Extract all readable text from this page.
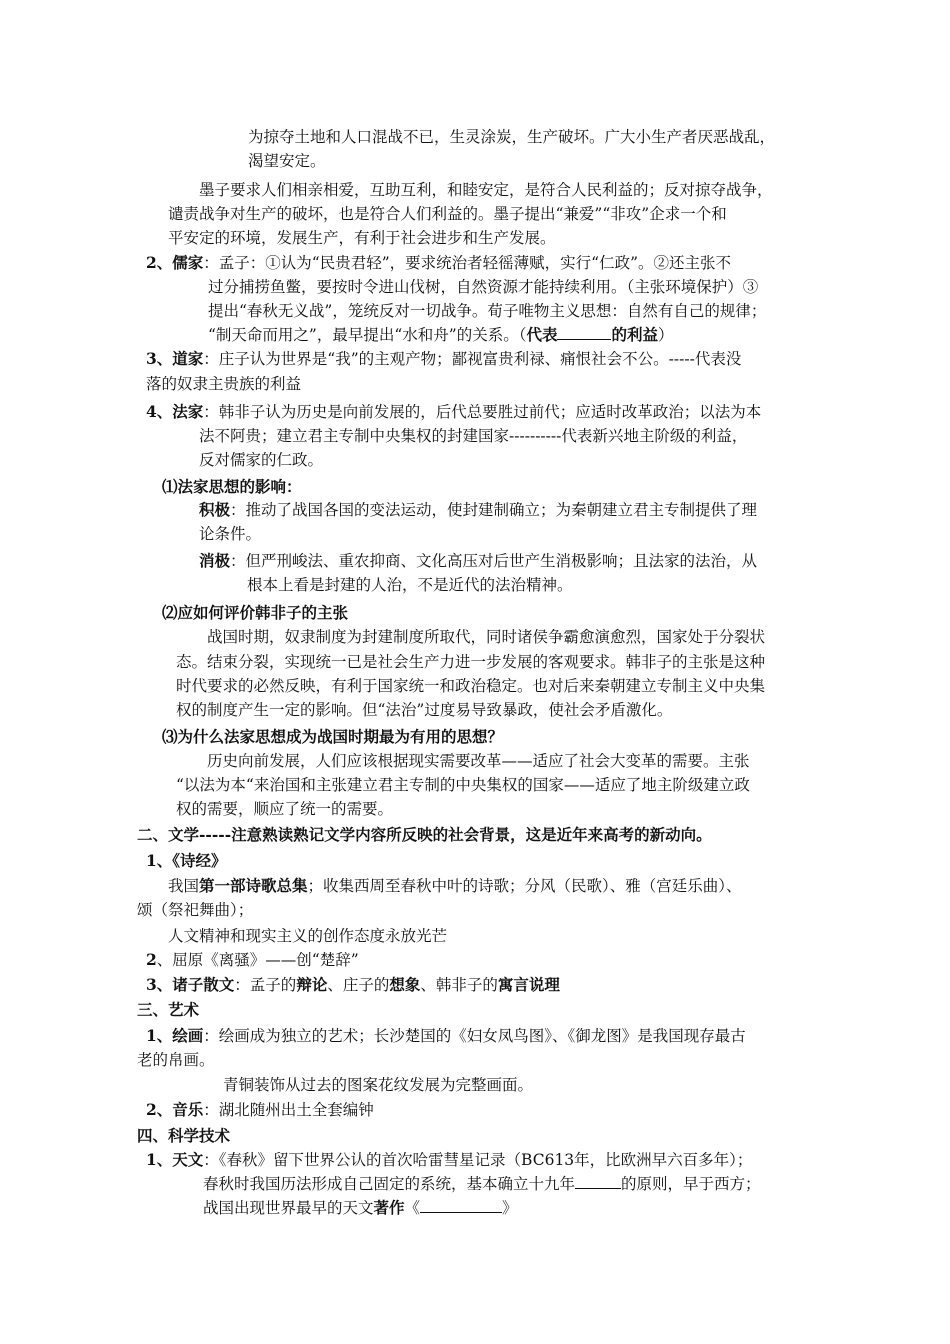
为掠夺土地和人口混战不已，生灵涂炭，生产破坏。广大小生产者厌恶战乱，
渴望安定。
墨子要求人们相亲相爱，互助互利，和睦安定，是符合人民利益的；反对掠夺战争，
谴责战争对生产的破坏，也是符合人们利益的。墨子提出“兼爱”“非攻”企求一个和
平安定的环境，发展生产，有利于社会进步和生产发展。
2、儒家：孟子：①认为“民贵君轻”，要求统治者轻徭薄赋，实行“仁政”。②还主张不
过分捕捞鱼鳖，要按时令进山伐树，自然资源才能持续利用。（主张环境保护）③
提出“春秋无义战”，笼统反对一切战争。荀子唯物主义思想：自然有自己的规律；
“制天命而用之”，最早提出“水和舟”的关系。（代表	的利益）
3、道家：庄子认为世界是“我”的主观产物；鄙视富贵利禄、痛恨社会不公。-----代表没
落的奴隶主贵族的利益
4、法家：韩非子认为历史是向前发展的，后代总要胜过前代；应适时改革政治；以法为本
法不阿贵；建立君主专制中央集权的封建国家----------代表新兴地主阶级的利益，
反对儒家的仁政。
⑴法家思想的影响：
积极：推动了战国各国的变法运动，使封建制确立；为秦朝建立君主专制提供了理
论条件。
消极：但严刑峻法、重农抑商、文化高压对后世产生消极影响；且法家的法治，从
根本上看是封建的人治，不是近代的法治精神。
⑵应如何评价韩非子的主张
战国时期，奴隶制度为封建制度所取代，同时诸侯争霸愈演愈烈，国家处于分裂状
态。结束分裂，实现统一已是社会生产力进一步发展的客观要求。韩非子的主张是这种
时代要求的必然反映，有利于国家统一和政治稳定。也对后来秦朝建立专制主义中央集
权的制度产生一定的影响。但“法治”过度易导致暴政，使社会矛盾激化。
⑶为什么法家思想成为战国时期最为有用的思想？
历史向前发展，人们应该根据现实需要改革——适应了社会大变革的需要。主张
“以法为本“来治国和主张建立君主专制的中央集权的国家——适应了地主阶级建立政
权的需要，顺应了统一的需要。
二、文学-----注意熟读熟记文学内容所反映的社会背景，这是近年来高考的新动向。
1、《诗经》
我国第一部诗歌总集；收集西周至春秋中叶的诗歌；分风（民歌）、雅（宫廷乐曲）、
颂（祭祀舞曲）；
人文精神和现实主义的创作态度永放光芒
2、屈原《离骚》——创“楚辞”
3、诸子散文：孟子的辩论、庄子的想象、韩非子的寓言说理
三、艺术
1、绘画：绘画成为独立的艺术；长沙楚国的《妇女凤鸟图》、《御龙图》是我国现存最古
老的帛画。
青铜装饰从过去的图案花纹发展为完整画面。
2、音乐：湖北随州出土全套编钟
四、科学技术
1、天文：《春秋》留下世界公认的首次哈雷彗星记录（BC613年，比欧洲早六百多年）；
春秋时我国历法形成自己固定的系统，基本确立十九年	的原则，早于西方；
战国出现世界最早的天文著作《	》
